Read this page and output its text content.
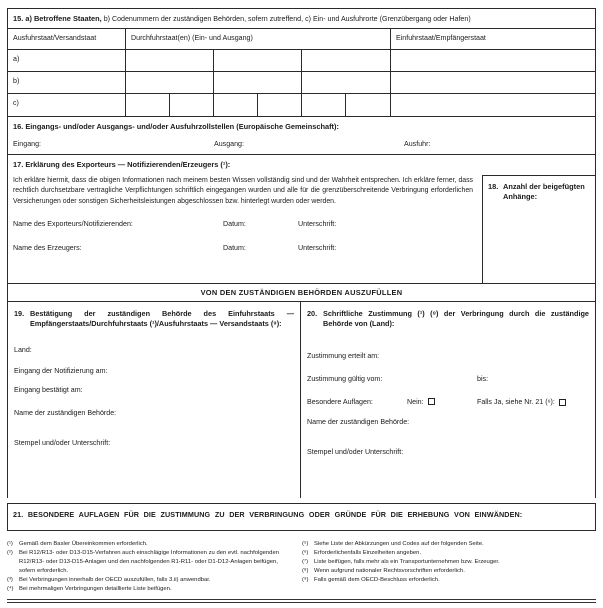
15. a) Betroffene Staaten, b) Codenummern der zuständigen Behörden, sofern zutreffend, c) Ein- und Ausfuhrorte (Grenzübergang oder Hafen)
Ausfuhrstaat/Versandstaat	Durchfuhrstaat(en) (Ein- und Ausgang)	Einfuhrstaat/Empfängerstaat
a)
b)
c)
16. Eingangs- und/oder Ausgangs- und/oder Ausfuhrzollstellen (Europäische Gemeinschaft):
Eingang:	Ausgang:	Ausfuhr:
17. Erklärung des Exporteurs — Notifizierenden/Erzeugers (¹):
Ich erkläre hiermit, dass die obigen Informationen nach meinem besten Wissen vollständig sind und der Wahrheit entsprechen. Ich erkläre ferner, dass rechtlich durchsetzbare vertragliche Verpflichtungen schriftlich eingegangen wurden und alle für die grenzüberschreitende Verbringung erforderlichen Versicherungen oder sonstigen Sicherheitsleistungen abgeschlossen bzw. hinterlegt wurden oder werden.
Name des Exporteurs/Notifizierenden:	Datum:	Unterschrift:
Name des Erzeugers:	Datum:	Unterschrift:
18. Anzahl der beigefügten Anhänge:
VON DEN ZUSTÄNDIGEN BEHÖRDEN AUSZUFÜLLEN
19. Bestätigung der zuständigen Behörde des Einfuhrstaats — Empfängerstaats/Durchfuhrstaats (¹)/Ausfuhrstaats — Versandstaats (⁹):
Land:
Eingang der Notifizierung am:
Eingang bestätigt am:
Name der zuständigen Behörde:
Stempel und/oder Unterschrift:
20. Schriftliche Zustimmung (¹) (⁸) der Verbringung durch die zuständige Behörde von (Land):
Zustimmung erteilt am:
Zustimmung gültig vom:	bis:
Besondere Auflagen:	Nein:	Falls Ja, siehe Nr. 21 (⁶):
Name der zuständigen Behörde:
Stempel und/oder Unterschrift:
21. BESONDERE AUFLAGEN FÜR DIE ZUSTIMMUNG ZU DER VERBRINGUNG ODER GRÜNDE FÜR DIE ERHEBUNG VON EINWÄNDEN:
(¹)	Gemäß dem Basler Übereinkommen erforderlich.
(²)	Bei R12/R13- oder D13-D15-Verfahren auch einschlägige Informationen zu den evtl. nachfolgenden R12/R13- oder D13-D15-Anlagen und den nachfolgenden R1-R11- oder D1-D12-Anlagen beifügen, sofern erforderlich.
(³)	Bei Verbringungen innerhalb der OECD auszufüllen, falls 3.ii) anwendbar.
(⁴) Bei mehrmaligen Verbringungen detaillierte Liste beifügen.
(⁵) Siehe Liste der Abkürzungen und Codes auf der folgenden Seite.
(⁶) Erforderlichenfalls Einzelheiten angeben.
(⁷)	Liste beifügen, falls mehr als ein Transportunternehmen bzw. Erzeuger.
(⁸) Wenn aufgrund nationaler Rechtsvorschriften erforderlich.
(⁹) Falls gemäß dem OECD-Beschluss erforderlich.
